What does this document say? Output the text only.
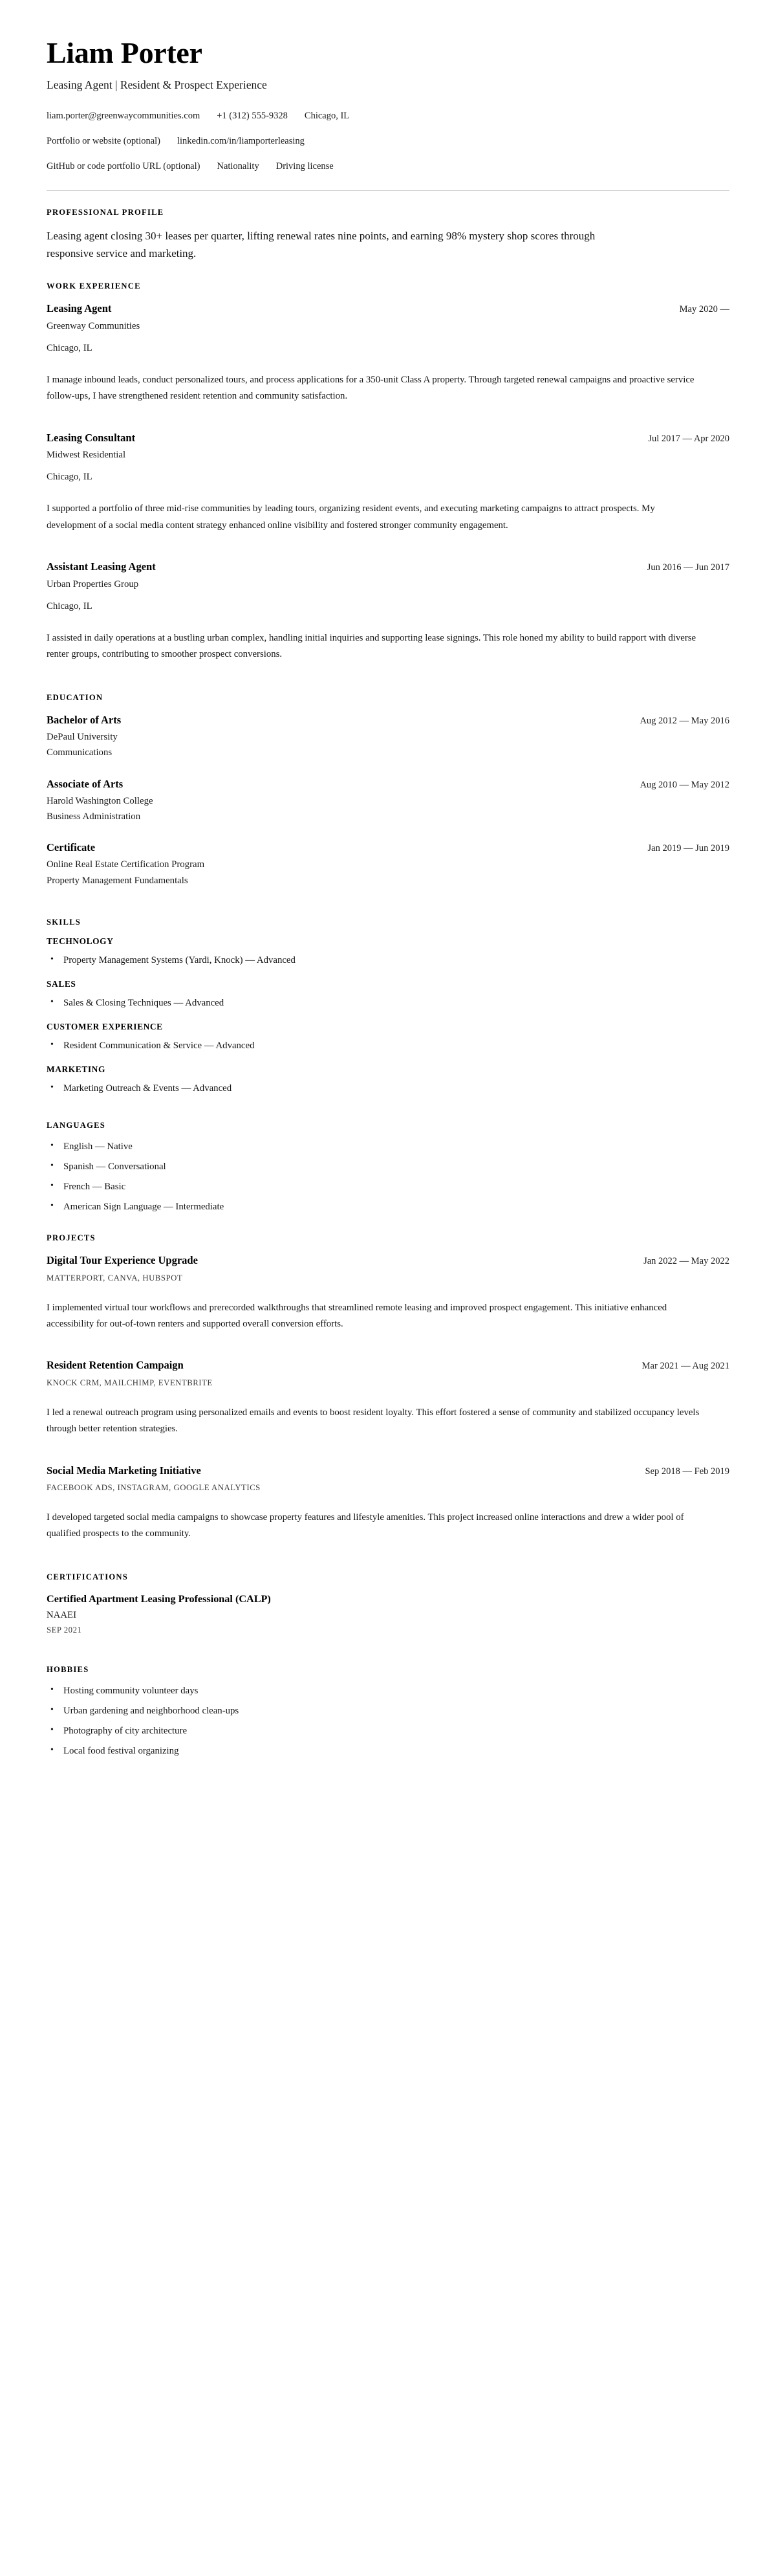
Liam Porter
Leasing Agent | Resident & Prospect Experience
liam.porter@greenwaycommunities.com +1 (312) 555-9328 Chicago, IL
Portfolio or website (optional) linkedin.com/in/liamporterleasing
GitHub or code portfolio URL (optional) Nationality Driving license
PROFESSIONAL PROFILE

Leasing agent closing 30+ leases per quarter, lifting renewal rates nine points, and earning 98% mystery shop scores through responsive service and marketing.

WORK EXPERIENCE
Leasing Agent	May 2020 —
Greenway Communities
Chicago, IL

I manage inbound leads, conduct personalized tours, and process applications for a 350-unit Class A property. Through targeted renewal campaigns and proactive service follow-ups, I have strengthened resident retention and community satisfaction.

Leasing Consultant	Jul 2017 — Apr 2020
Midwest Residential
Chicago, IL

I supported a portfolio of three mid-rise communities by leading tours, organizing resident events, and executing marketing campaigns to attract prospects. My development of a social media content strategy enhanced online visibility and fostered stronger community engagement.

Assistant Leasing Agent	Jun 2016 — Jun 2017
Urban Properties Group
Chicago, IL

I assisted in daily operations at a bustling urban complex, handling initial inquiries and supporting lease signings. This role honed my ability to build rapport with diverse renter groups, contributing to smoother prospect conversions.

EDUCATION
Bachelor of Arts	Aug 2012 — May 2016
DePaul University
Communications
Associate of Arts	Aug 2010 — May 2012
Harold Washington College
Business Administration
Certificate	Jan 2019 — Jun 2019
Online Real Estate Certification Program
Property Management Fundamentals
SKILLS
TECHNOLOGY
• Property Management Systems (Yardi, Knock) — Advanced
SALES
• Sales & Closing Techniques — Advanced
CUSTOMER EXPERIENCE
• Resident Communication & Service — Advanced
MARKETING
• Marketing Outreach & Events — Advanced
LANGUAGES
• English — Native
• Spanish — Conversational
• French — Basic
• American Sign Language — Intermediate
PROJECTS
Digital Tour Experience Upgrade	Jan 2022 — May 2022
MATTERPORT, CANVA, HUBSPOT

I implemented virtual tour workflows and prerecorded walkthroughs that streamlined remote leasing and improved prospect engagement. This initiative enhanced accessibility for out-of-town renters and supported overall conversion efforts.

Resident Retention Campaign	Mar 2021 — Aug 2021
KNOCK CRM, MAILCHIMP, EVENTBRITE

I led a renewal outreach program using personalized emails and events to boost resident loyalty. This effort fostered a sense of community and stabilized occupancy levels through better retention strategies.

Social Media Marketing Initiative	Sep 2018 — Feb 2019
FACEBOOK ADS, INSTAGRAM, GOOGLE ANALYTICS

I developed targeted social media campaigns to showcase property features and lifestyle amenities. This project increased online interactions and drew a wider pool of qualified prospects to the community.

CERTIFICATIONS
Certified Apartment Leasing Professional (CALP)
NAAEI
SEP 2021
HOBBIES
• Hosting community volunteer days
• Urban gardening and neighborhood clean-ups
• Photography of city architecture
• Local food festival organizing
